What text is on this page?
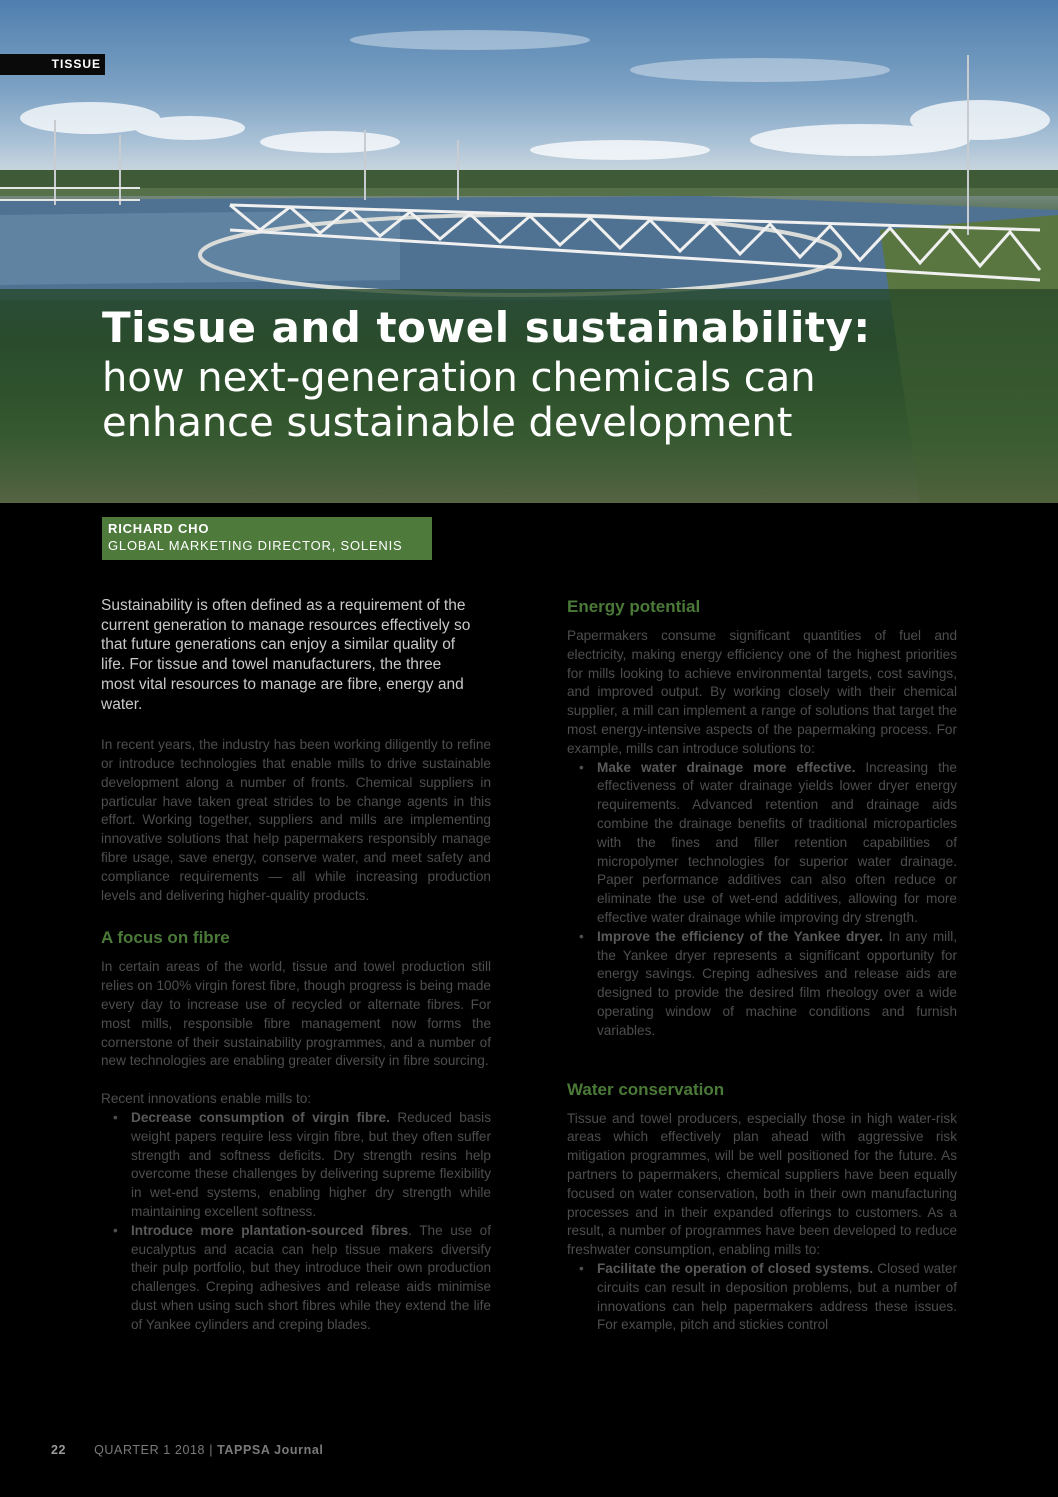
TISSUE
Tissue and towel sustainability:
how next-generation chemicals can
enhance sustainable development
RICHARD CHO
GLOBAL MARKETING DIRECTOR, SOLENIS

Sustainability is often defined as a requirement of the current generation to manage resources effectively so that future generations can enjoy a similar quality of life. For tissue and towel manufacturers, the three most vital resources to manage are fibre, energy and water.

In recent years, the industry has been working diligently to refine or introduce technologies that enable mills to drive sustainable development along a number of fronts. Chemical suppliers in particular have taken great strides to be change agents in this effort. Working together, suppliers and mills are implementing innovative solutions that help papermakers responsibly manage fibre usage, save energy, conserve water, and meet safety and compliance requirements — all while increasing production levels and delivering higher-quality products.

A focus on fibre

In certain areas of the world, tissue and towel production still relies on 100% virgin forest fibre, though progress is being made every day to increase use of recycled or alternate fibres. For most mills, responsible fibre management now forms the cornerstone of their sustainability programmes, and a number of new technologies are enabling greater diversity in fibre sourcing.

Recent innovations enable mills to:

• Decrease consumption of virgin fibre. Reduced basis weight papers require less virgin fibre, but they often suffer strength and softness deficits. Dry strength resins help overcome these challenges by delivering supreme flexibility in wet-end systems, enabling higher dry strength while maintaining excellent softness.
• Introduce more plantation-sourced fibres. The use of eucalyptus and acacia can help tissue makers diversify their pulp portfolio, but they introduce their own production challenges. Creping adhesives and release aids minimise dust when using such short fibres while they extend the life of Yankee cylinders and creping blades.
Energy potential

Papermakers consume significant quantities of fuel and electricity, making energy efficiency one of the highest priorities for mills looking to achieve environmental targets, cost savings, and improved output. By working closely with their chemical supplier, a mill can implement a range of solutions that target the most energy-intensive aspects of the papermaking process. For example, mills can introduce solutions to:

• Make water drainage more effective. Increasing the effectiveness of water drainage yields lower dryer energy requirements. Advanced retention and drainage aids combine the drainage benefits of traditional microparticles with the fines and filler retention capabilities of micropolymer technologies for superior water drainage. Paper performance additives can also often reduce or eliminate the use of wet-end additives, allowing for more effective water drainage while improving dry strength.
• Improve the efficiency of the Yankee dryer. In any mill, the Yankee dryer represents a significant opportunity for energy savings. Creping adhesives and release aids are designed to provide the desired film rheology over a wide operating window of machine conditions and furnish variables.
Water conservation

Tissue and towel producers, especially those in high water-risk areas which effectively plan ahead with aggressive risk mitigation programmes, will be well positioned for the future. As partners to papermakers, chemical suppliers have been equally focused on water conservation, both in their own manufacturing processes and in their expanded offerings to customers. As a result, a number of programmes have been developed to reduce freshwater consumption, enabling mills to:

• Facilitate the operation of closed systems. Closed water circuits can result in deposition problems, but a number of innovations can help papermakers address these issues. For example, pitch and stickies control
22 QUARTER 1 2018 | TAPPSA Journal
